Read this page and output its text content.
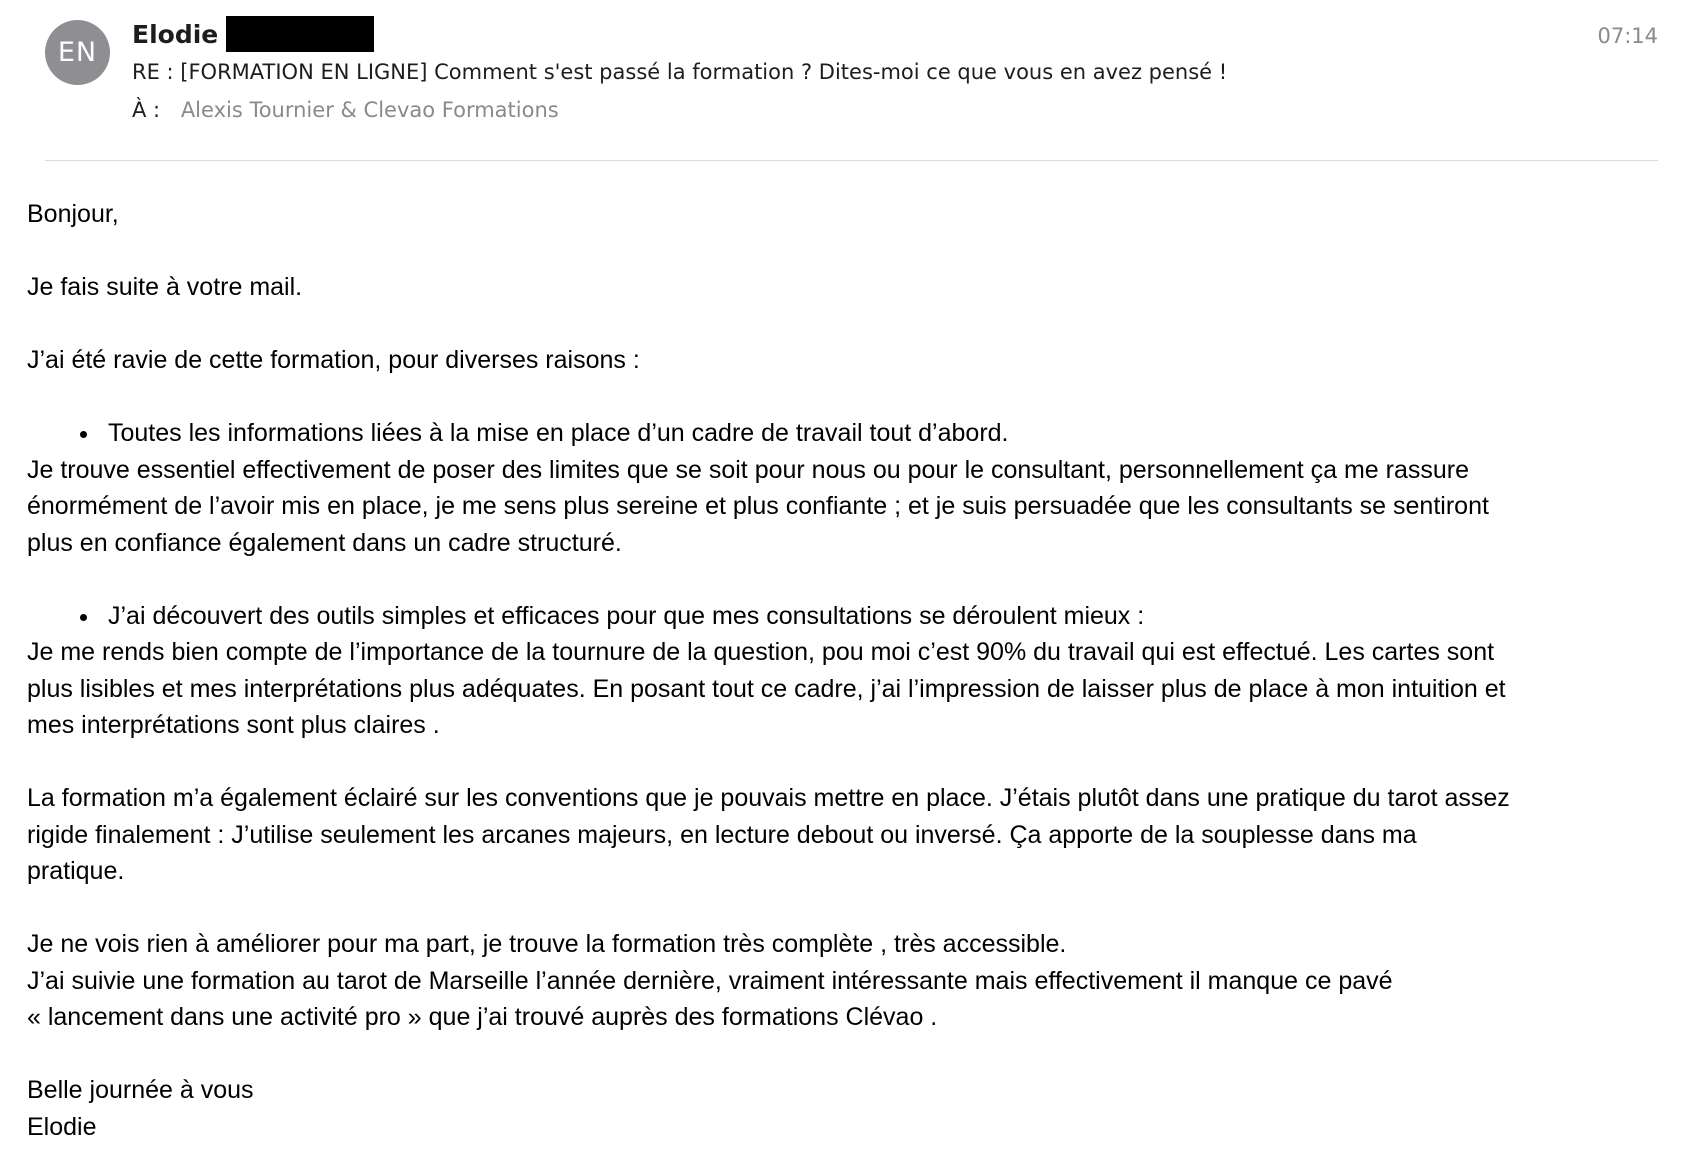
EN
Elodie	07:14
RE : [FORMATION EN LIGNE] Comment s'est passé la formation ? Dites-moi ce que vous en avez pensé !
À : Alexis Tournier & Clevao Formations

Bonjour,

Je fais suite à votre mail.

J’ai été ravie de cette formation, pour diverses raisons :

Toutes les informations liées à la mise en place d’un cadre de travail tout d’abord.

Je trouve essentiel effectivement de poser des limites que se soit pour nous ou pour le consultant, personnellement ça me rassure

énormément de l’avoir mis en place, je me sens plus sereine et plus confiante ; et je suis persuadée que les consultants se sentiront

plus en confiance également dans un cadre structuré.

J’ai découvert des outils simples et efficaces pour que mes consultations se déroulent mieux :

Je me rends bien compte de l’importance de la tournure de la question, pou moi c’est 90% du travail qui est effectué. Les cartes sont

plus lisibles et mes interprétations plus adéquates. En posant tout ce cadre, j’ai l’impression de laisser plus de place à mon intuition et

mes interprétations sont plus claires .

La formation m’a également éclairé sur les conventions que je pouvais mettre en place. J’étais plutôt dans une pratique du tarot assez

rigide finalement : J’utilise seulement les arcanes majeurs, en lecture debout ou inversé. Ça apporte de la souplesse dans ma

pratique.

Je ne vois rien à améliorer pour ma part, je trouve la formation très complète , très accessible.

J’ai suivie une formation au tarot de Marseille l’année dernière, vraiment intéressante mais effectivement il manque ce pavé

« lancement dans une activité pro » que j’ai trouvé auprès des formations Clévao .

Belle journée à vous

Elodie
